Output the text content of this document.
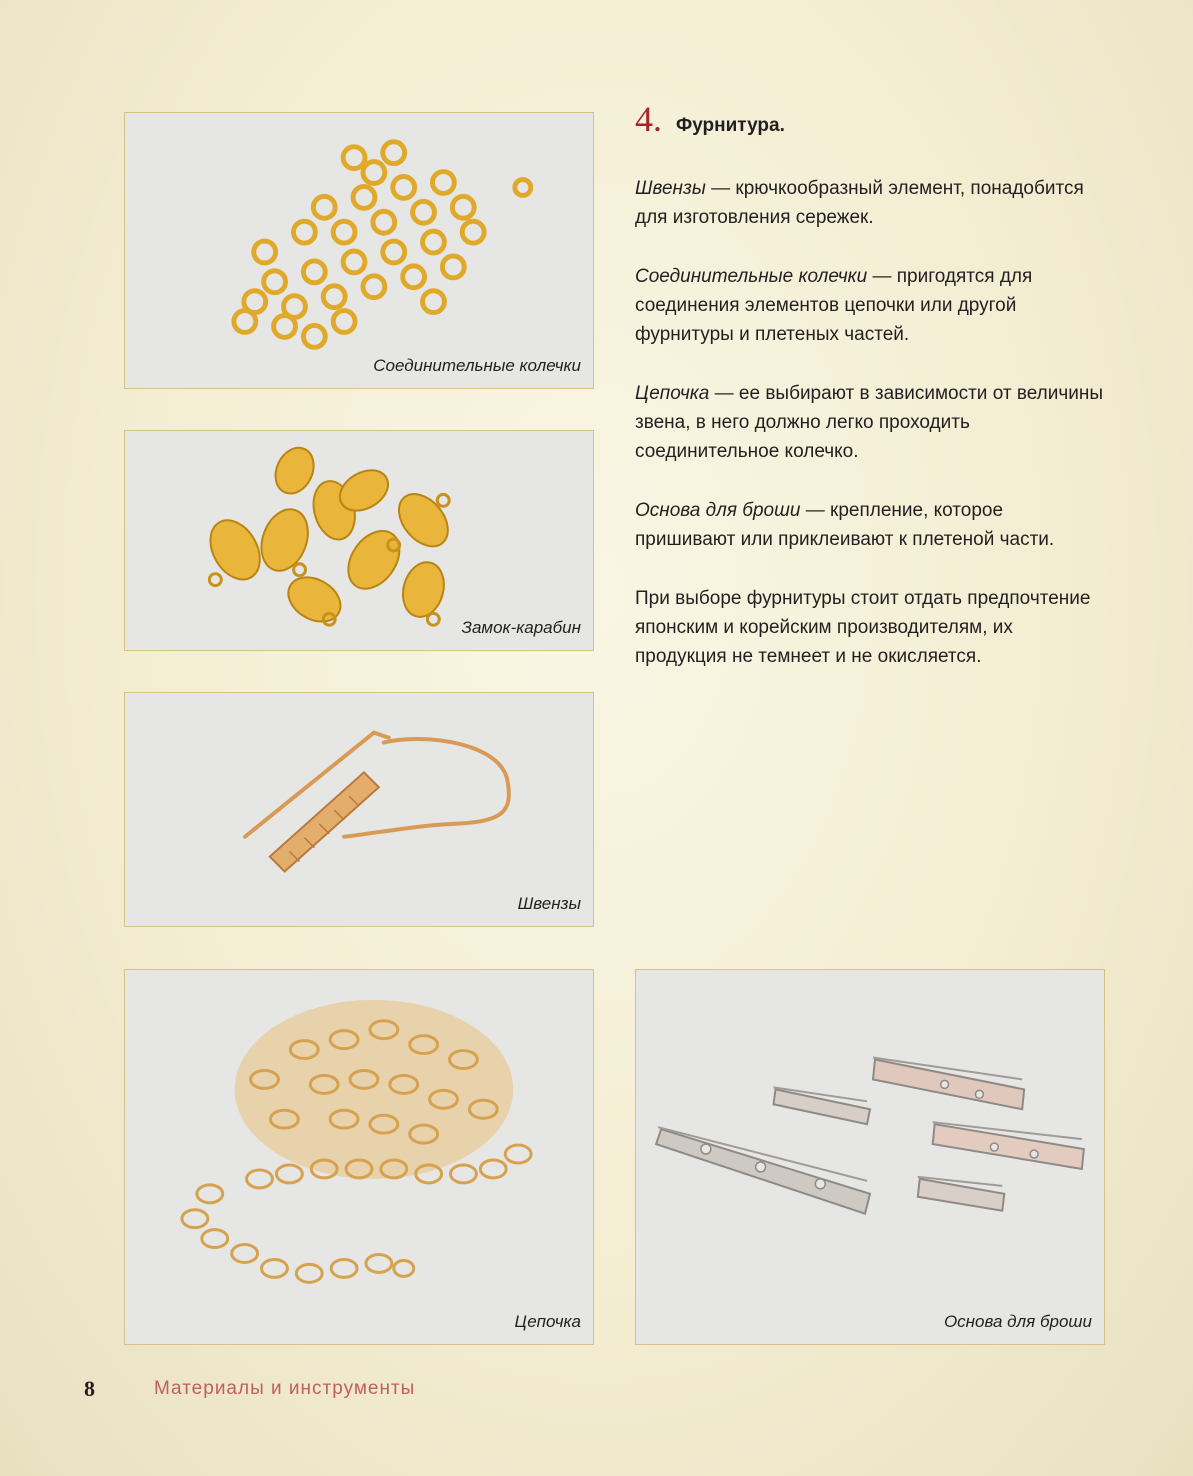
Соединительные колечки
Замок-карабин
Швензы
Цепочка	Основа для броши
4. Фурнитура.

Швензы — крючкообразный элемент, понадобится для изготовления сережек.

Соединительные колечки — пригодятся для соединения элементов цепочки или другой фурнитуры и плетеных частей.

Цепочка — ее выбирают в зависимости от величины звена, в него должно легко проходить соединительное колечко.

Основа для броши — крепление, которое пришивают или приклеивают к плетеной части.

При выборе фурнитуры стоит отдать предпочтение японским и корейским производителям, их продукция не темнеет и не окисляется.

8	Материалы и инструменты
